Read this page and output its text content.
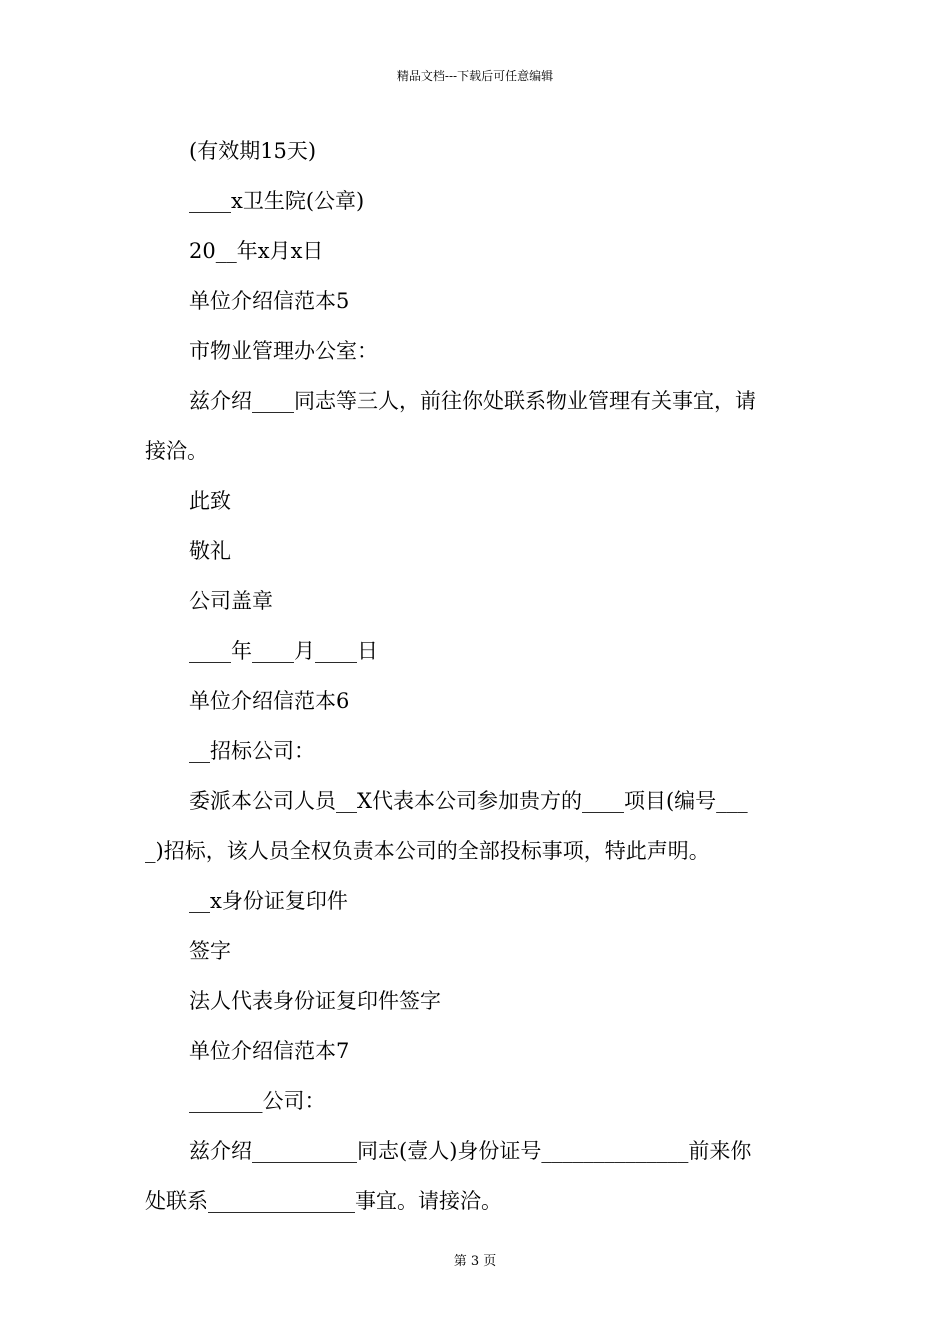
精品文档---下载后可任意编辑
(有效期15天)
____x卫生院(公章)
20__年x月x日
单位介绍信范本5
市物业管理办公室：
兹介绍____同志等三人，前往你处联系物业管理有关事宜，请
接洽。
此致
敬礼
公司盖章
____年____月____日
单位介绍信范本6
__招标公司：
委派本公司人员__X代表本公司参加贵方的____项目(编号___
_)招标，该人员全权负责本公司的全部投标事项，特此声明。
__x身份证复印件
签字
法人代表身份证复印件签字
单位介绍信范本7
_______公司：
兹介绍__________同志(壹人)身份证号______________前来你
处联系______________事宜。请接洽。
第 3 页
